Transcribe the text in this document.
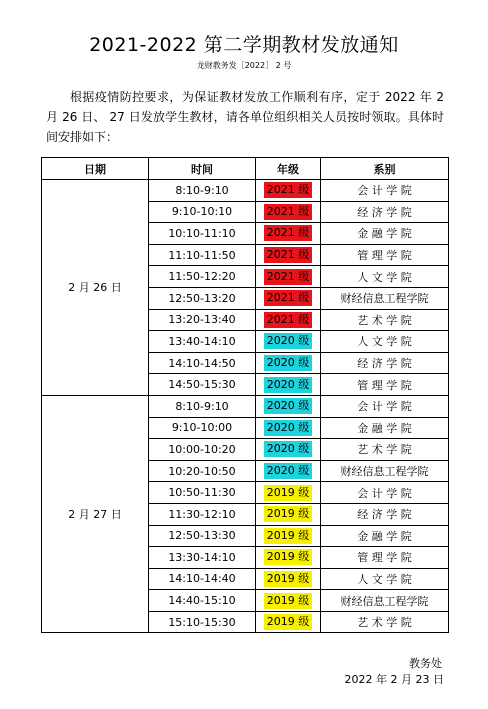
2021-2022 第二学期教材发放通知
龙财教务发［2022］ 2 号
根据疫情防控要求，为保证教材发放工作顺利有序，定于 2022 年 2 月 26 日、 27 日发放学生教材，请各单位组织相关人员按时领取。具体时间安排如下：
日期	时间	年级	系别
2 月 26 日	8:10-9:10	2021 级	会 计 学 院
	9:10-10:10	2021 级	经 济 学 院
	10:10-11:10	2021 级	金 融 学 院
	11:10-11:50	2021 级	管 理 学 院
	11:50-12:20	2021 级	人 文 学 院
	12:50-13:20	2021 级	财经信息工程学院
	13:20-13:40	2021 级	艺 术 学 院
	13:40-14:10	2020 级	人 文 学 院
	14:10-14:50	2020 级	经 济 学 院
	14:50-15:30	2020 级	管 理 学 院
2 月 27 日	8:10-9:10	2020 级	会 计 学 院
	9:10-10:00	2020 级	金 融 学 院
	10:00-10:20	2020 级	艺 术 学 院
	10:20-10:50	2020 级	财经信息工程学院
	10:50-11:30	2019 级	会 计 学 院
	11:30-12:10	2019 级	经 济 学 院
	12:50-13:30	2019 级	金 融 学 院
	13:30-14:10	2019 级	管 理 学 院
	14:10-14:40	2019 级	人 文 学 院
	14:40-15:10	2019 级	财经信息工程学院
	15:10-15:30	2019 级	艺 术 学 院
教务处
2022 年 2 月 23 日
